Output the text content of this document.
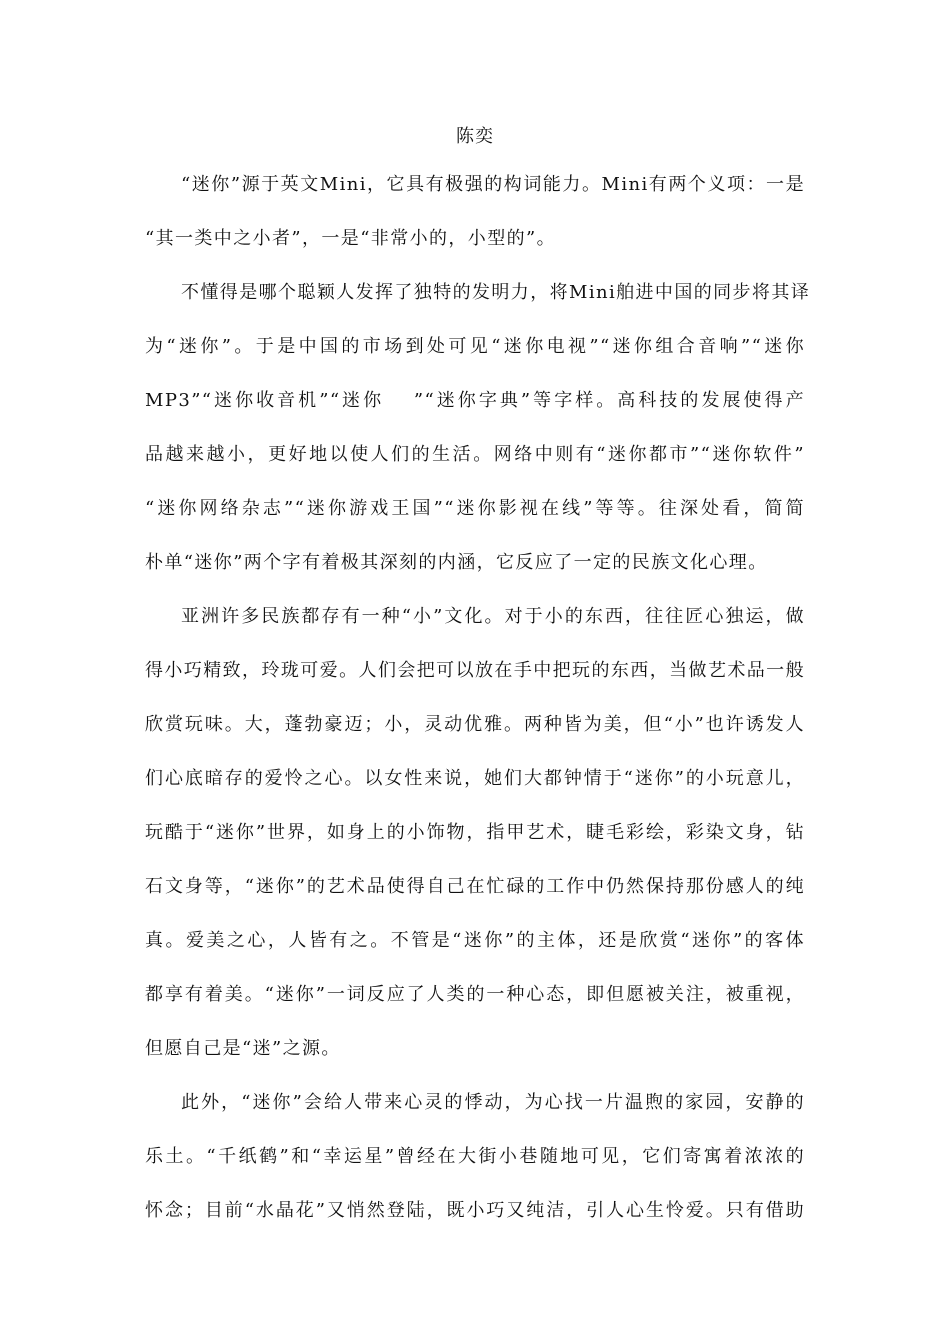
陈奕
“迷你”源于英文Mini，它具有极强的构词能力。Mini有两个义项：一是
“其一类中之小者”，一是“非常小的，小型的”。
不懂得是哪个聪颖人发挥了独特的发明力，将Mini舶进中国的同步将其译
为“迷你”。于是中国的市场到处可见“迷你电视”“迷你组合音响”“迷你
MP3”“迷你收音机”“迷你　 ”“迷你字典”等字样。高科技的发展使得产
品越来越小，更好地以使人们的生活。网络中则有“迷你都市”“迷你软件”
“迷你网络杂志”“迷你游戏王国”“迷你影视在线”等等。往深处看，简简
朴单“迷你”两个字有着极其深刻的内涵，它反应了一定的民族文化心理。
亚洲许多民族都存有一种“小”文化。对于小的东西，往往匠心独运，做
得小巧精致，玲珑可爱。人们会把可以放在手中把玩的东西，当做艺术品一般
欣赏玩味。大，蓬勃豪迈；小，灵动优雅。两种皆为美，但“小”也许诱发人
们心底暗存的爱怜之心。以女性来说，她们大都钟情于“迷你”的小玩意儿，
玩酷于“迷你”世界，如身上的小饰物，指甲艺术，睫毛彩绘，彩染文身，钻
石文身等，“迷你”的艺术品使得自己在忙碌的工作中仍然保持那份感人的纯
真。爱美之心，人皆有之。不管是“迷你”的主体，还是欣赏“迷你”的客体
都享有着美。“迷你”一词反应了人类的一种心态，即但愿被关注，被重视，
但愿自己是“迷”之源。
此外，“迷你”会给人带来心灵的悸动，为心找一片温煦的家园，安静的
乐土。“千纸鹤”和“幸运星”曾经在大街小巷随地可见，它们寄寓着浓浓的
怀念；目前“水晶花”又悄然登陆，既小巧又纯洁，引人心生怜爱。只有借助
